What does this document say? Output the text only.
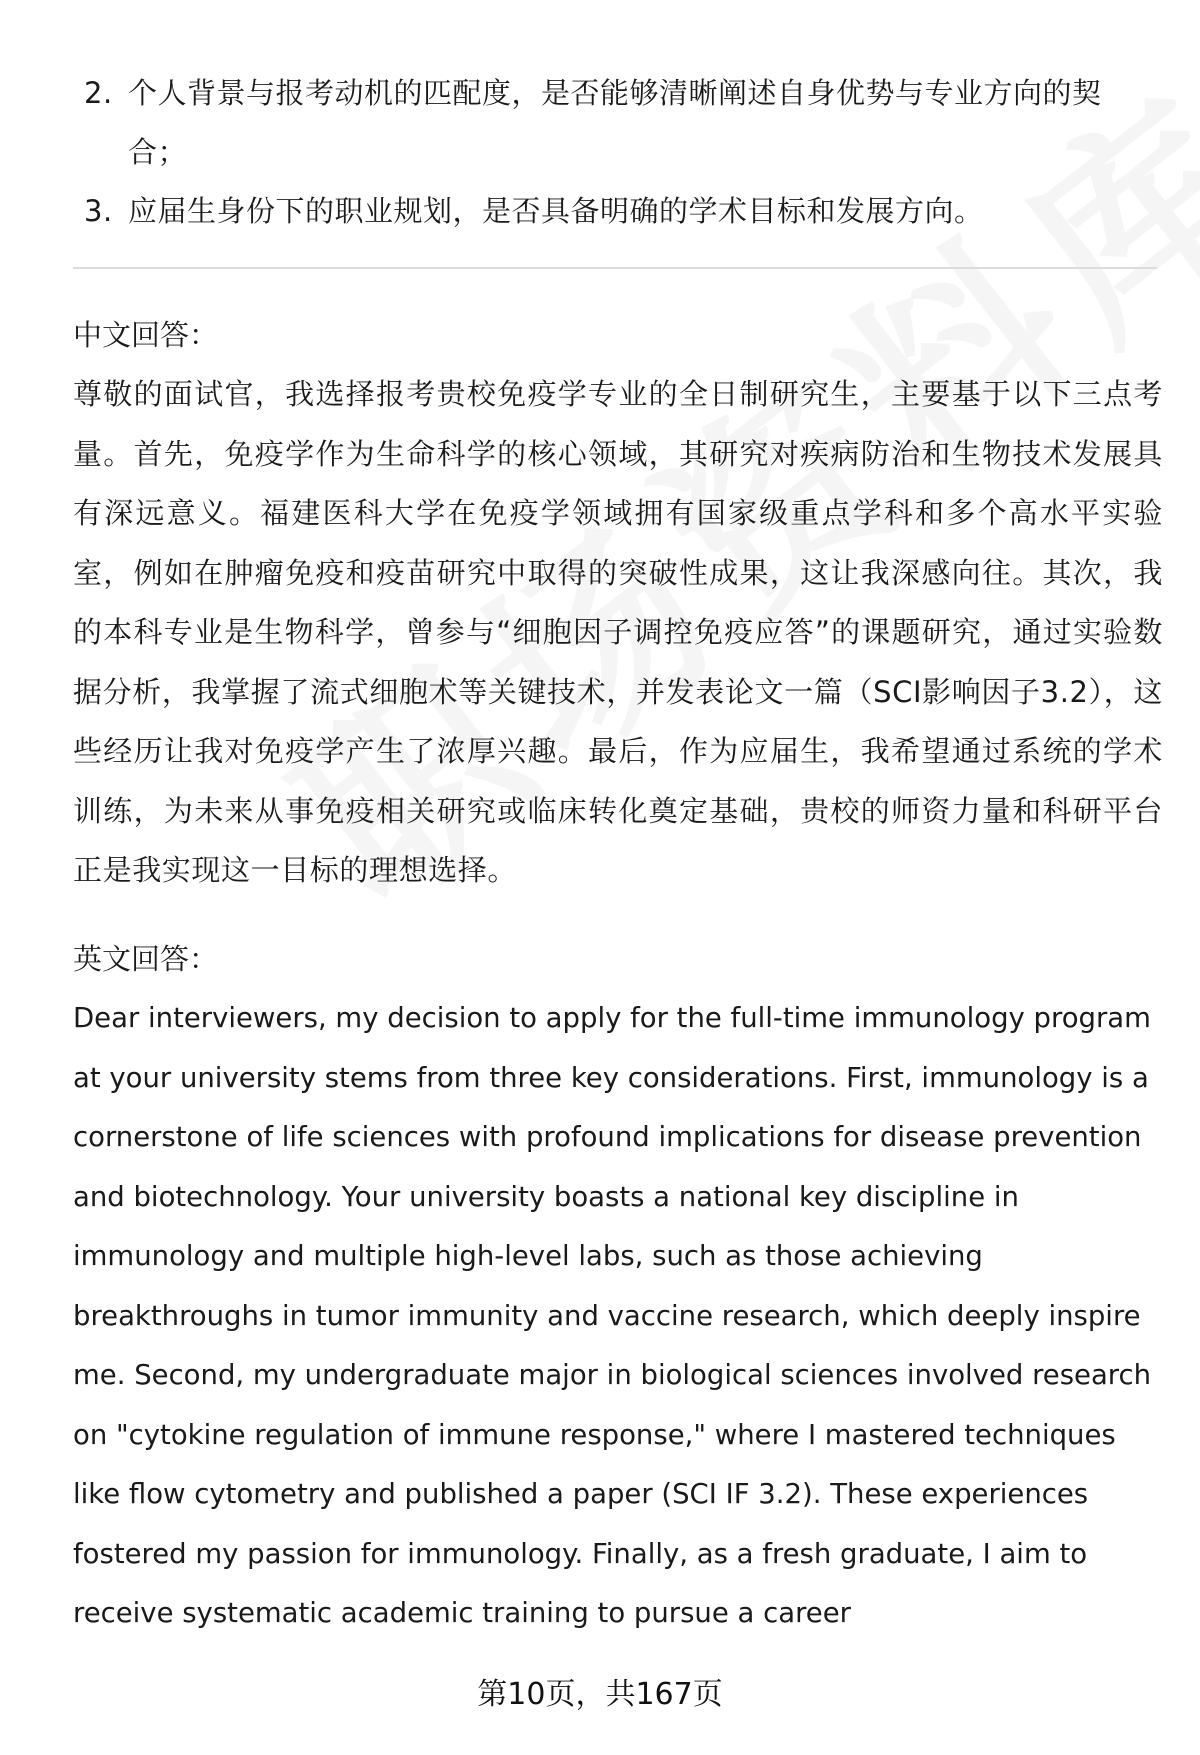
2. 个人背景与报考动机的匹配度，是否能够清晰阐述自身优势与专业方向的契合；
3. 应届生身份下的职业规划，是否具备明确的学术目标和发展方向。
中文回答：

尊敬的面试官，我选择报考贵校免疫学专业的全日制研究生，主要基于以下三点考量。首先，免疫学作为生命科学的核心领域，其研究对疾病防治和生物技术发展具有深远意义。福建医科大学在免疫学领域拥有国家级重点学科和多个高水平实验室，例如在肿瘤免疫和疫苗研究中取得的突破性成果，这让我深感向往。其次，我的本科专业是生物科学，曾参与“细胞因子调控免疫应答”的课题研究，通过实验数据分析，我掌握了流式细胞术等关键技术，并发表论文一篇（SCI影响因子3.2），这些经历让我对免疫学产生了浓厚兴趣。最后，作为应届生，我希望通过系统的学术训练，为未来从事免疫相关研究或临床转化奠定基础，贵校的师资力量和科研平台正是我实现这一目标的理想选择。

英文回答：

Dear interviewers, my decision to apply for the full-time immunology program at your university stems from three key considerations. First, immunology is a cornerstone of life sciences with profound implications for disease prevention and biotechnology. Your university boasts a national key discipline in immunology and multiple high-level labs, such as those achieving breakthroughs in tumor immunity and vaccine research, which deeply inspire me. Second, my undergraduate major in biological sciences involved research on "cytokine regulation of immune response," where I mastered techniques like flow cytometry and published a paper (SCI IF 3.2). These experiences fostered my passion for immunology. Finally, as a fresh graduate, I aim to receive systematic academic training to pursue a career

第10页，共167页
